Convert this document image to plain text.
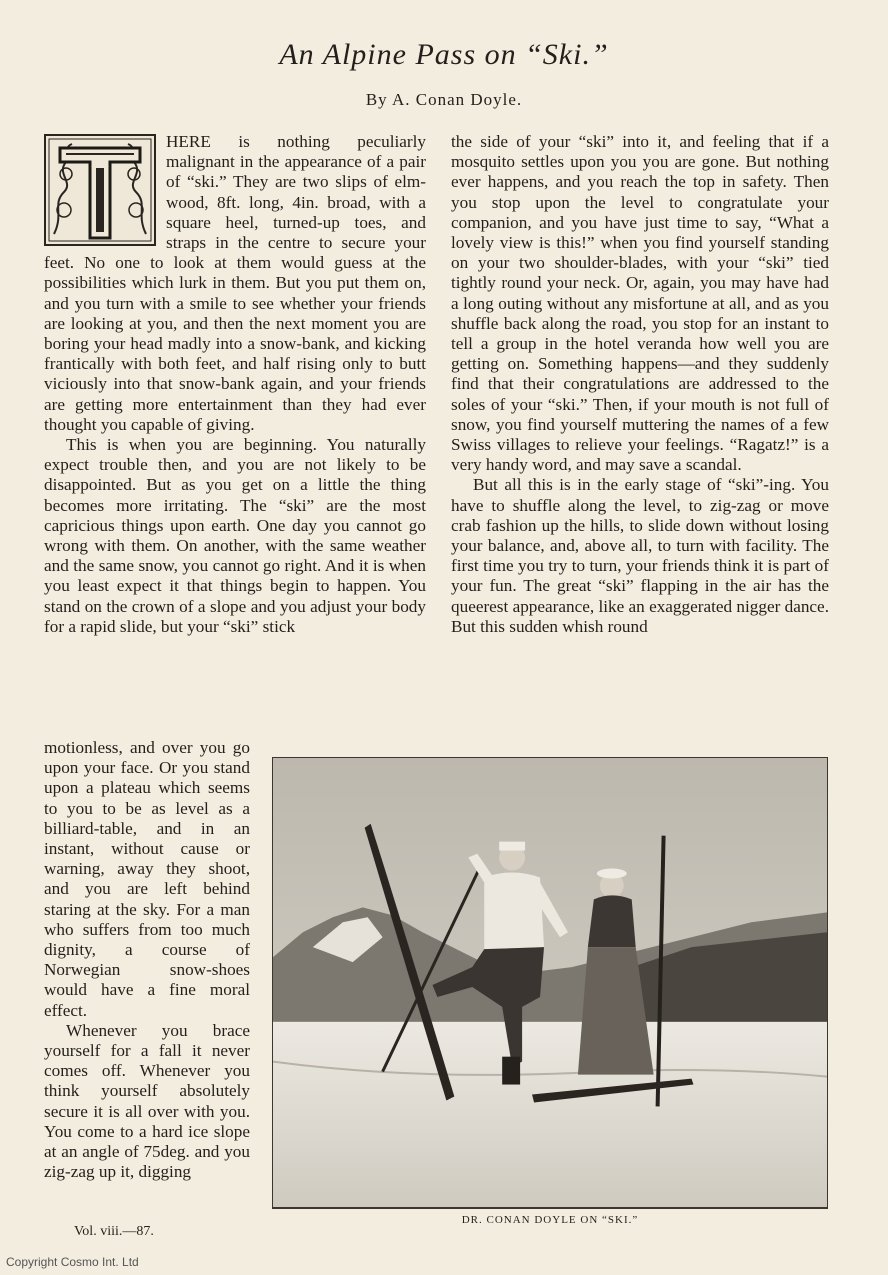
An Alpine Pass on “Ski.”
By A. Conan Doyle.

HERE is nothing peculiarly malignant in the appearance of a pair of “ski.” They are two slips of elm-wood, 8ft. long, 4in. broad, with a square heel, turned-up toes, and straps in the centre to secure your feet. No one to look at them would guess at the possibilities which lurk in them. But you put them on, and you turn with a smile to see whether your friends are looking at you, and then the next moment you are boring your head madly into a snow-bank, and kicking frantically with both feet, and half rising only to butt viciously into that snow-bank again, and your friends are getting more entertainment than they had ever thought you capable of giving.

This is when you are beginning. You naturally expect trouble then, and you are not likely to be disappointed. But as you get on a little the thing becomes more irritating. The “ski” are the most capricious things upon earth. One day you cannot go wrong with them. On another, with the same weather and the same snow, you cannot go right. And it is when you least expect it that things begin to happen. You stand on the crown of a slope and you adjust your body for a rapid slide, but your “ski” stick

motionless, and over you go upon your face. Or you stand upon a plateau which seems to you to be as level as a billiard-table, and in an instant, without cause or warning, away they shoot, and you are left behind staring at the sky. For a man who suffers from too much dignity, a course of Norwegian snow-shoes would have a fine moral effect.

Whenever you brace yourself for a fall it never comes off. Whenever you think yourself absolutely secure it is all over with you. You come to a hard ice slope at an angle of 75deg. and you zig-zag up it, digging

the side of your “ski” into it, and feeling that if a mosquito settles upon you you are gone. But nothing ever happens, and you reach the top in safety. Then you stop upon the level to congratulate your companion, and you have just time to say, “What a lovely view is this!” when you find yourself standing on your two shoulder-blades, with your “ski” tied tightly round your neck. Or, again, you may have had a long outing without any misfortune at all, and as you shuffle back along the road, you stop for an instant to tell a group in the hotel veranda how well you are getting on. Something happens—and they suddenly find that their congratulations are addressed to the soles of your “ski.” Then, if your mouth is not full of snow, you find yourself muttering the names of a few Swiss villages to relieve your feelings. “Ragatz!” is a very handy word, and may save a scandal.

But all this is in the early stage of “ski”-ing. You have to shuffle along the level, to zig-zag or move crab fashion up the hills, to slide down without losing your balance, and, above all, to turn with facility. The first time you try to turn, your friends think it is part of your fun. The great “ski” flapping in the air has the queerest appearance, like an exaggerated nigger dance. But this sudden whish round

DR. CONAN DOYLE ON “SKI.”
Vol. viii.—87.
Copyright Cosmo Int. Ltd
